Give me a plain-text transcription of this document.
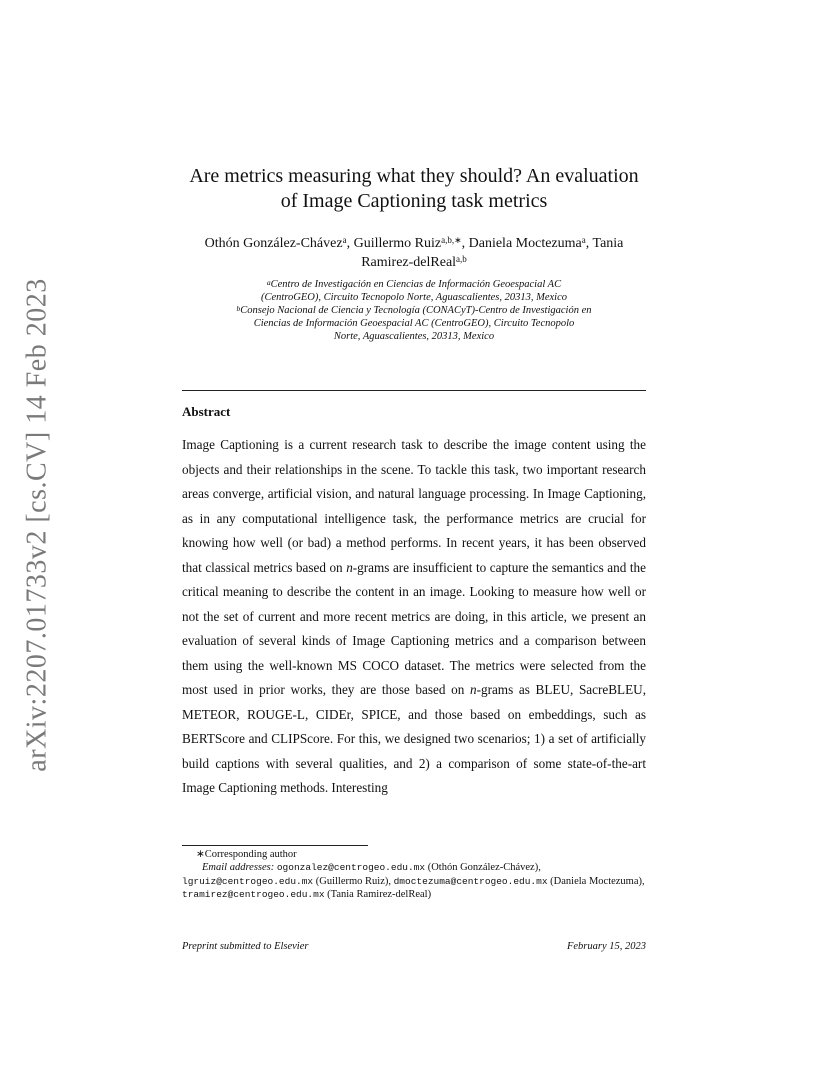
arXiv:2207.01733v2 [cs.CV] 14 Feb 2023
Are metrics measuring what they should? An evaluation
of Image Captioning task metrics
Othón González-Chávez$^a$, Guillermo Ruiz$^{a,b,∗}$, Daniela Moctezuma$^a$, Tania
Ramirez-delReal$^{a,b}$

$^a$Centro de Investigación en Ciencias de Información Geoespacial AC

(CentroGEO), Circuito Tecnopolo Norte, Aguascalientes, 20313, Mexico

$^b$Consejo Nacional de Ciencia y Tecnología (CONACyT)-Centro de Investigación en

Ciencias de Información Geoespacial AC (CentroGEO), Circuito Tecnopolo

Norte, Aguascalientes, 20313, Mexico

Abstract

Image Captioning is a current research task to describe the image content using the objects and their relationships in the scene. To tackle this task, two important research areas converge, artificial vision, and natural language processing. In Image Captioning, as in any computational intelligence task, the performance metrics are crucial for knowing how well (or bad) a method performs. In recent years, it has been observed that classical metrics based on n-grams are insufficient to capture the semantics and the critical meaning to describe the content in an image. Looking to measure how well or not the set of current and more recent metrics are doing, in this article, we present an evaluation of several kinds of Image Captioning metrics and a comparison between them using the well-known MS COCO dataset. The metrics were selected from the most used in prior works, they are those based on n-grams as BLEU, SacreBLEU, METEOR, ROUGE-L, CIDEr, SPICE, and those based on embeddings, such as BERTScore and CLIPScore. For this, we designed two scenarios; 1) a set of artificially build captions with several qualities, and 2) a comparison of some state-of-the-art Image Captioning methods. Interesting

∗Corresponding author

Email addresses: ogonzalez@centrogeo.edu.mx (Othón González-Chávez),

lgruiz@centrogeo.edu.mx (Guillermo Ruiz), dmoctezuma@centrogeo.edu.mx (Daniela Moctezuma), tramirez@centrogeo.edu.mx (Tania Ramirez-delReal)

Preprint submitted to Elsevier	February 15, 2023
